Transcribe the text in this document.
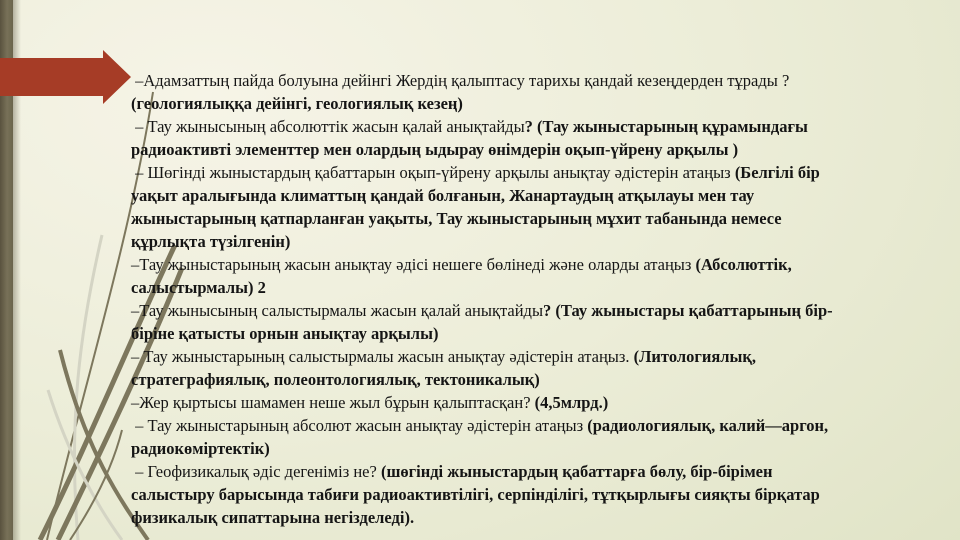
–Адамзаттың пайда болуына дейінгі Жердің қалыптасу тарихы қандай кезеңдерден тұрады ?
(геологиялыққа дейінгі, геологиялық кезең)
– Тау жынысының абсолюттік жасын қалай анықтайды? (Тау жыныстарының құрамындағы
радиоактивті элементтер мен олардың ыдырау өнімдерін оқып-үйрену арқылы )
– Шөгінді жыныстардың қабаттарын оқып-үйрену арқылы анықтау әдістерін атаңыз (Белгілі бір
уақыт аралығында климаттың қандай болғанын, Жанартаудың атқылауы мен тау
жыныстарының қатпарланған уақыты, Тау жыныстарының мұхит табанында немесе
құрлықта түзілгенін)
–Тау жыныстарының жасын анықтау әдісі нешеге бөлінеді және оларды атаңыз (Абсолюттік,
салыстырмалы) 2
–Тау жынысының салыстырмалы жасын қалай анықтайды? (Тау жыныстары қабаттарының бір-
біріне қатысты орнын анықтау арқылы)
– Тау жыныстарының салыстырмалы жасын анықтау әдістерін атаңыз. (Литологиялық,
стратеграфиялық, полеонтологиялық, тектоникалық)
–Жер қыртысы шамамен неше жыл бұрын қалыптасқан? (4,5млрд.)
– Тау жыныстарының абсолют жасын анықтау әдістерін атаңыз (радиологиялық, калий—аргон,
радиокөміртектік)
– Геофизикалық әдіс дегеніміз не? (шөгінді жыныстардың қабаттарға бөлу, бір-бірімен
салыстыру барысында табиғи радиоактивтілігі, серпінділігі, тұтқырлығы сияқты бірқатар
физикалық сипаттарына негізделеді).
